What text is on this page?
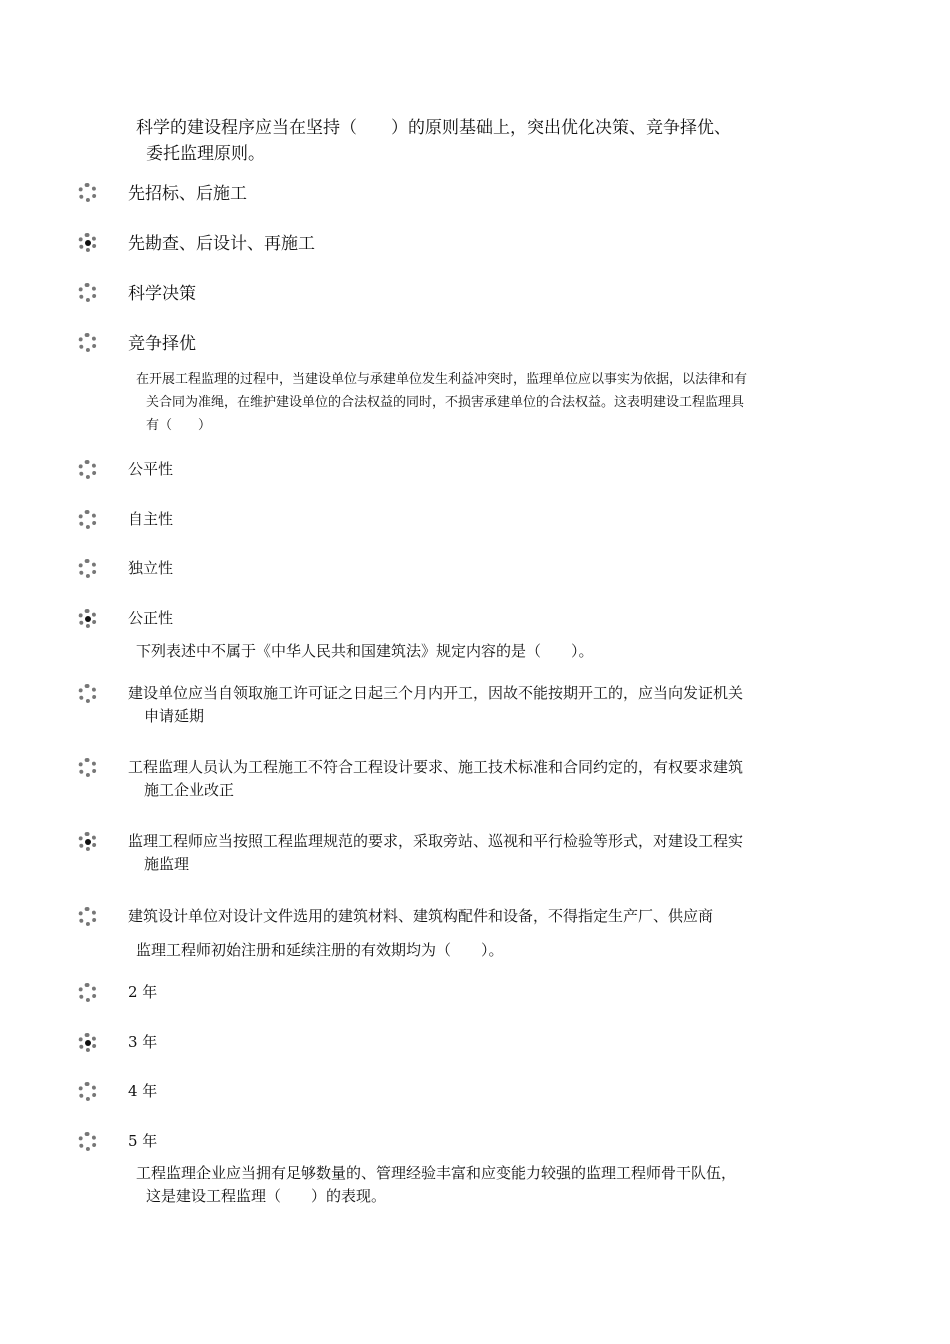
科学的建设程序应当在坚持（　　）的原则基础上，突出优化决策、竞争择优、
委托监理原则。
先招标、后施工
先勘查、后设计、再施工
科学决策
竞争择优
在开展工程监理的过程中，当建设单位与承建单位发生利益冲突时，监理单位应以事实为依据，以法律和有
关合同为准绳，在维护建设单位的合法权益的同时，不损害承建单位的合法权益。这表明建设工程监理具
有（　　）
公平性
自主性
独立性
公正性
下列表述中不属于《中华人民共和国建筑法》规定内容的是（　　）。
建设单位应当自领取施工许可证之日起三个月内开工，因故不能按期开工的，应当向发证机关
申请延期
工程监理人员认为工程施工不符合工程设计要求、施工技术标准和合同约定的，有权要求建筑
施工企业改正
监理工程师应当按照工程监理规范的要求，采取旁站、巡视和平行检验等形式，对建设工程实
施监理
建筑设计单位对设计文件选用的建筑材料、建筑构配件和设备，不得指定生产厂、供应商
监理工程师初始注册和延续注册的有效期均为（　　）。
2 年
3 年
4 年
5 年
工程监理企业应当拥有足够数量的、管理经验丰富和应变能力较强的监理工程师骨干队伍，
这是建设工程监理（　　）的表现。
